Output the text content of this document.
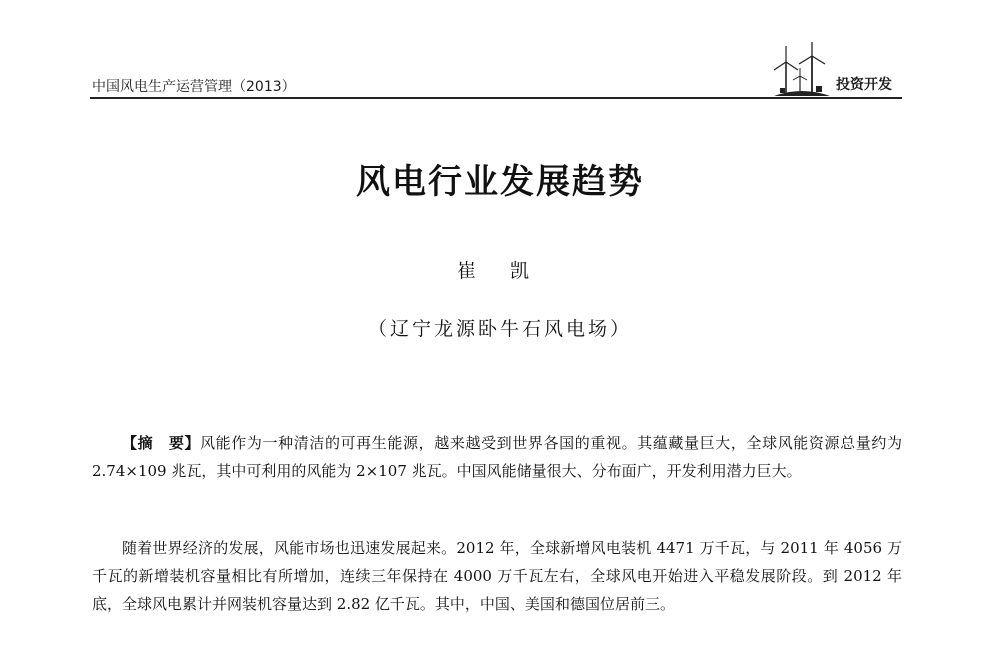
中国风电生产运营管理（2013）	投资开发
风电行业发展趋势
崔 凯
（辽宁龙源卧牛石风电场）

【摘　要】风能作为一种清洁的可再生能源，越来越受到世界各国的重视。其蕴藏量巨大，全球风能资源总量约为 2.74×109 兆瓦，其中可利用的风能为 2×107 兆瓦。中国风能储量很大、分布面广，开发利用潜力巨大。

随着世界经济的发展，风能市场也迅速发展起来。2012 年，全球新增风电装机 4471 万千瓦，与 2011 年 4056 万千瓦的新增装机容量相比有所增加，连续三年保持在 4000 万千瓦左右，全球风电开始进入平稳发展阶段。到 2012 年底，全球风电累计并网装机容量达到 2.82 亿千瓦。其中，中国、美国和德国位居前三。
